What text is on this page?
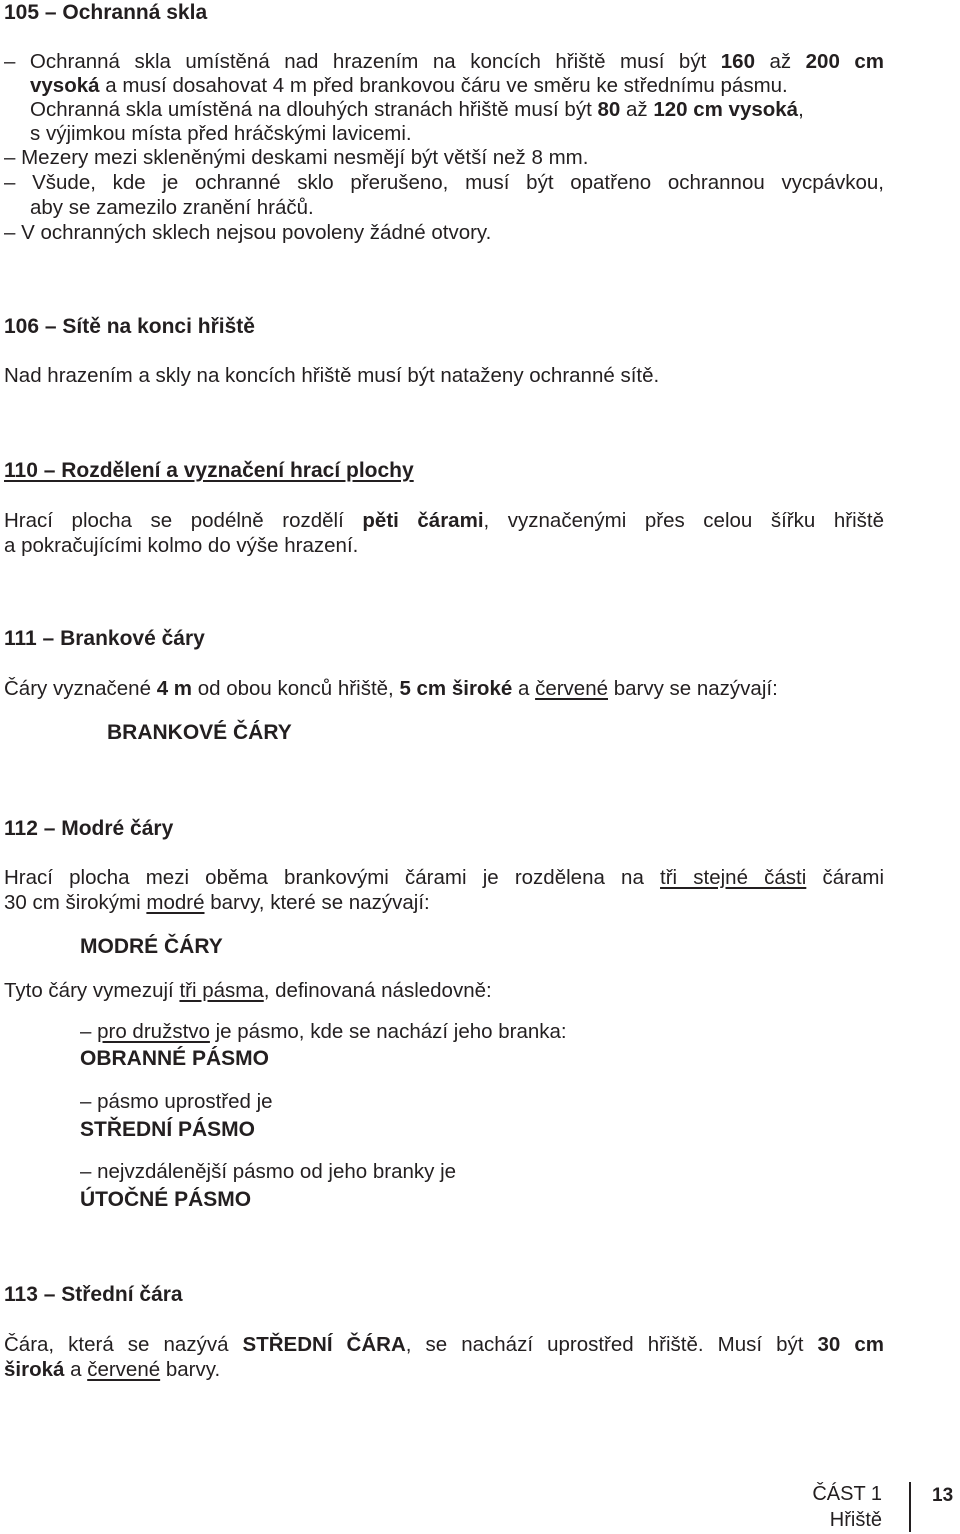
105 – Ochranná skla
– Ochranná skla umístěná nad hrazením na koncích hřiště musí být 160 až 200 cm
vysoká a musí dosahovat 4 m před brankovou čáru ve směru ke střednímu pásmu.
Ochranná skla umístěná na dlouhých stranách hřiště musí být 80 až 120 cm vysoká,
s výjimkou místa před hráčskými lavicemi.
– Mezery mezi skleněnými deskami nesmějí být větší než 8 mm.
– Všude, kde je ochranné sklo přerušeno, musí být opatřeno ochrannou vycpávkou,
aby se zamezilo zranění hráčů.
– V ochranných sklech nejsou povoleny žádné otvory.
106 – Sítě na konci hřiště
Nad hrazením a skly na koncích hřiště musí být nataženy ochranné sítě.
110 – Rozdělení a vyznačení hrací plochy
Hrací plocha se podélně rozdělí pěti čárami, vyznačenými přes celou šířku hřiště
a pokračujícími kolmo do výše hrazení.
111 – Brankové čáry
Čáry vyznačené 4 m od obou konců hřiště, 5 cm široké a červené barvy se nazývají:
BRANKOVÉ ČÁRY
112 – Modré čáry
Hrací plocha mezi oběma brankovými čárami je rozdělena na tři stejné části čárami
30 cm širokými modré barvy, které se nazývají:
MODRÉ ČÁRY
Tyto čáry vymezují tři pásma, definovaná následovně:
– pro družstvo je pásmo, kde se nachází jeho branka:
OBRANNÉ PÁSMO
– pásmo uprostřed je
STŘEDNÍ PÁSMO
– nejvzdálenější pásmo od jeho branky je
ÚTOČNÉ PÁSMO
113 – Střední čára
Čára, která se nazývá STŘEDNÍ ČÁRA, se nachází uprostřed hřiště. Musí být 30 cm
široká a červené barvy.
ČÁST 1
Hřiště
13
